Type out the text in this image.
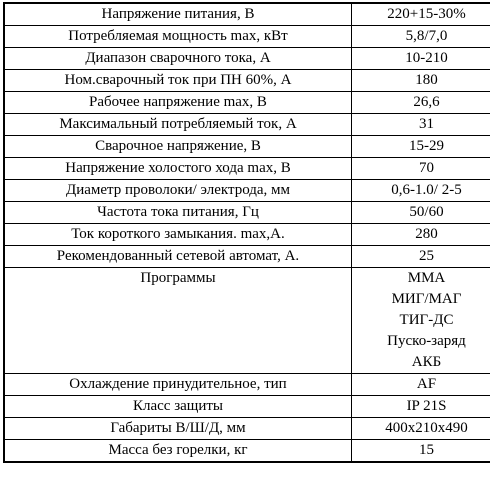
Напряжение питания, В	220+15-30%
Потребляемая мощность max, кВт	5,8/7,0
Диапазон сварочного тока, А	10-210
Ном.сварочный ток при ПН 60%, А	180
Рабочее напряжение max, В	26,6
Максимальный потребляемый ток, А	31
Сварочное напряжение, В	15-29
Напряжение холостого хода max, В	70
Диаметр проволоки/ электрода, мм	0,6-1.0/ 2-5
Частота тока питания, Гц	50/60
Ток короткого замыкания. max,А.	280
Рекомендованный сетевой автомат, А.	25
Программы	ММА
МИГ/МАГ
ТИГ-ДС
Пуско-заряд
АКБ

Охлаждение принудительное, тип	AF
Класс защиты	IP 21S
Габариты В/Ш/Д, мм	400x210x490
Масса без горелки, кг	15
